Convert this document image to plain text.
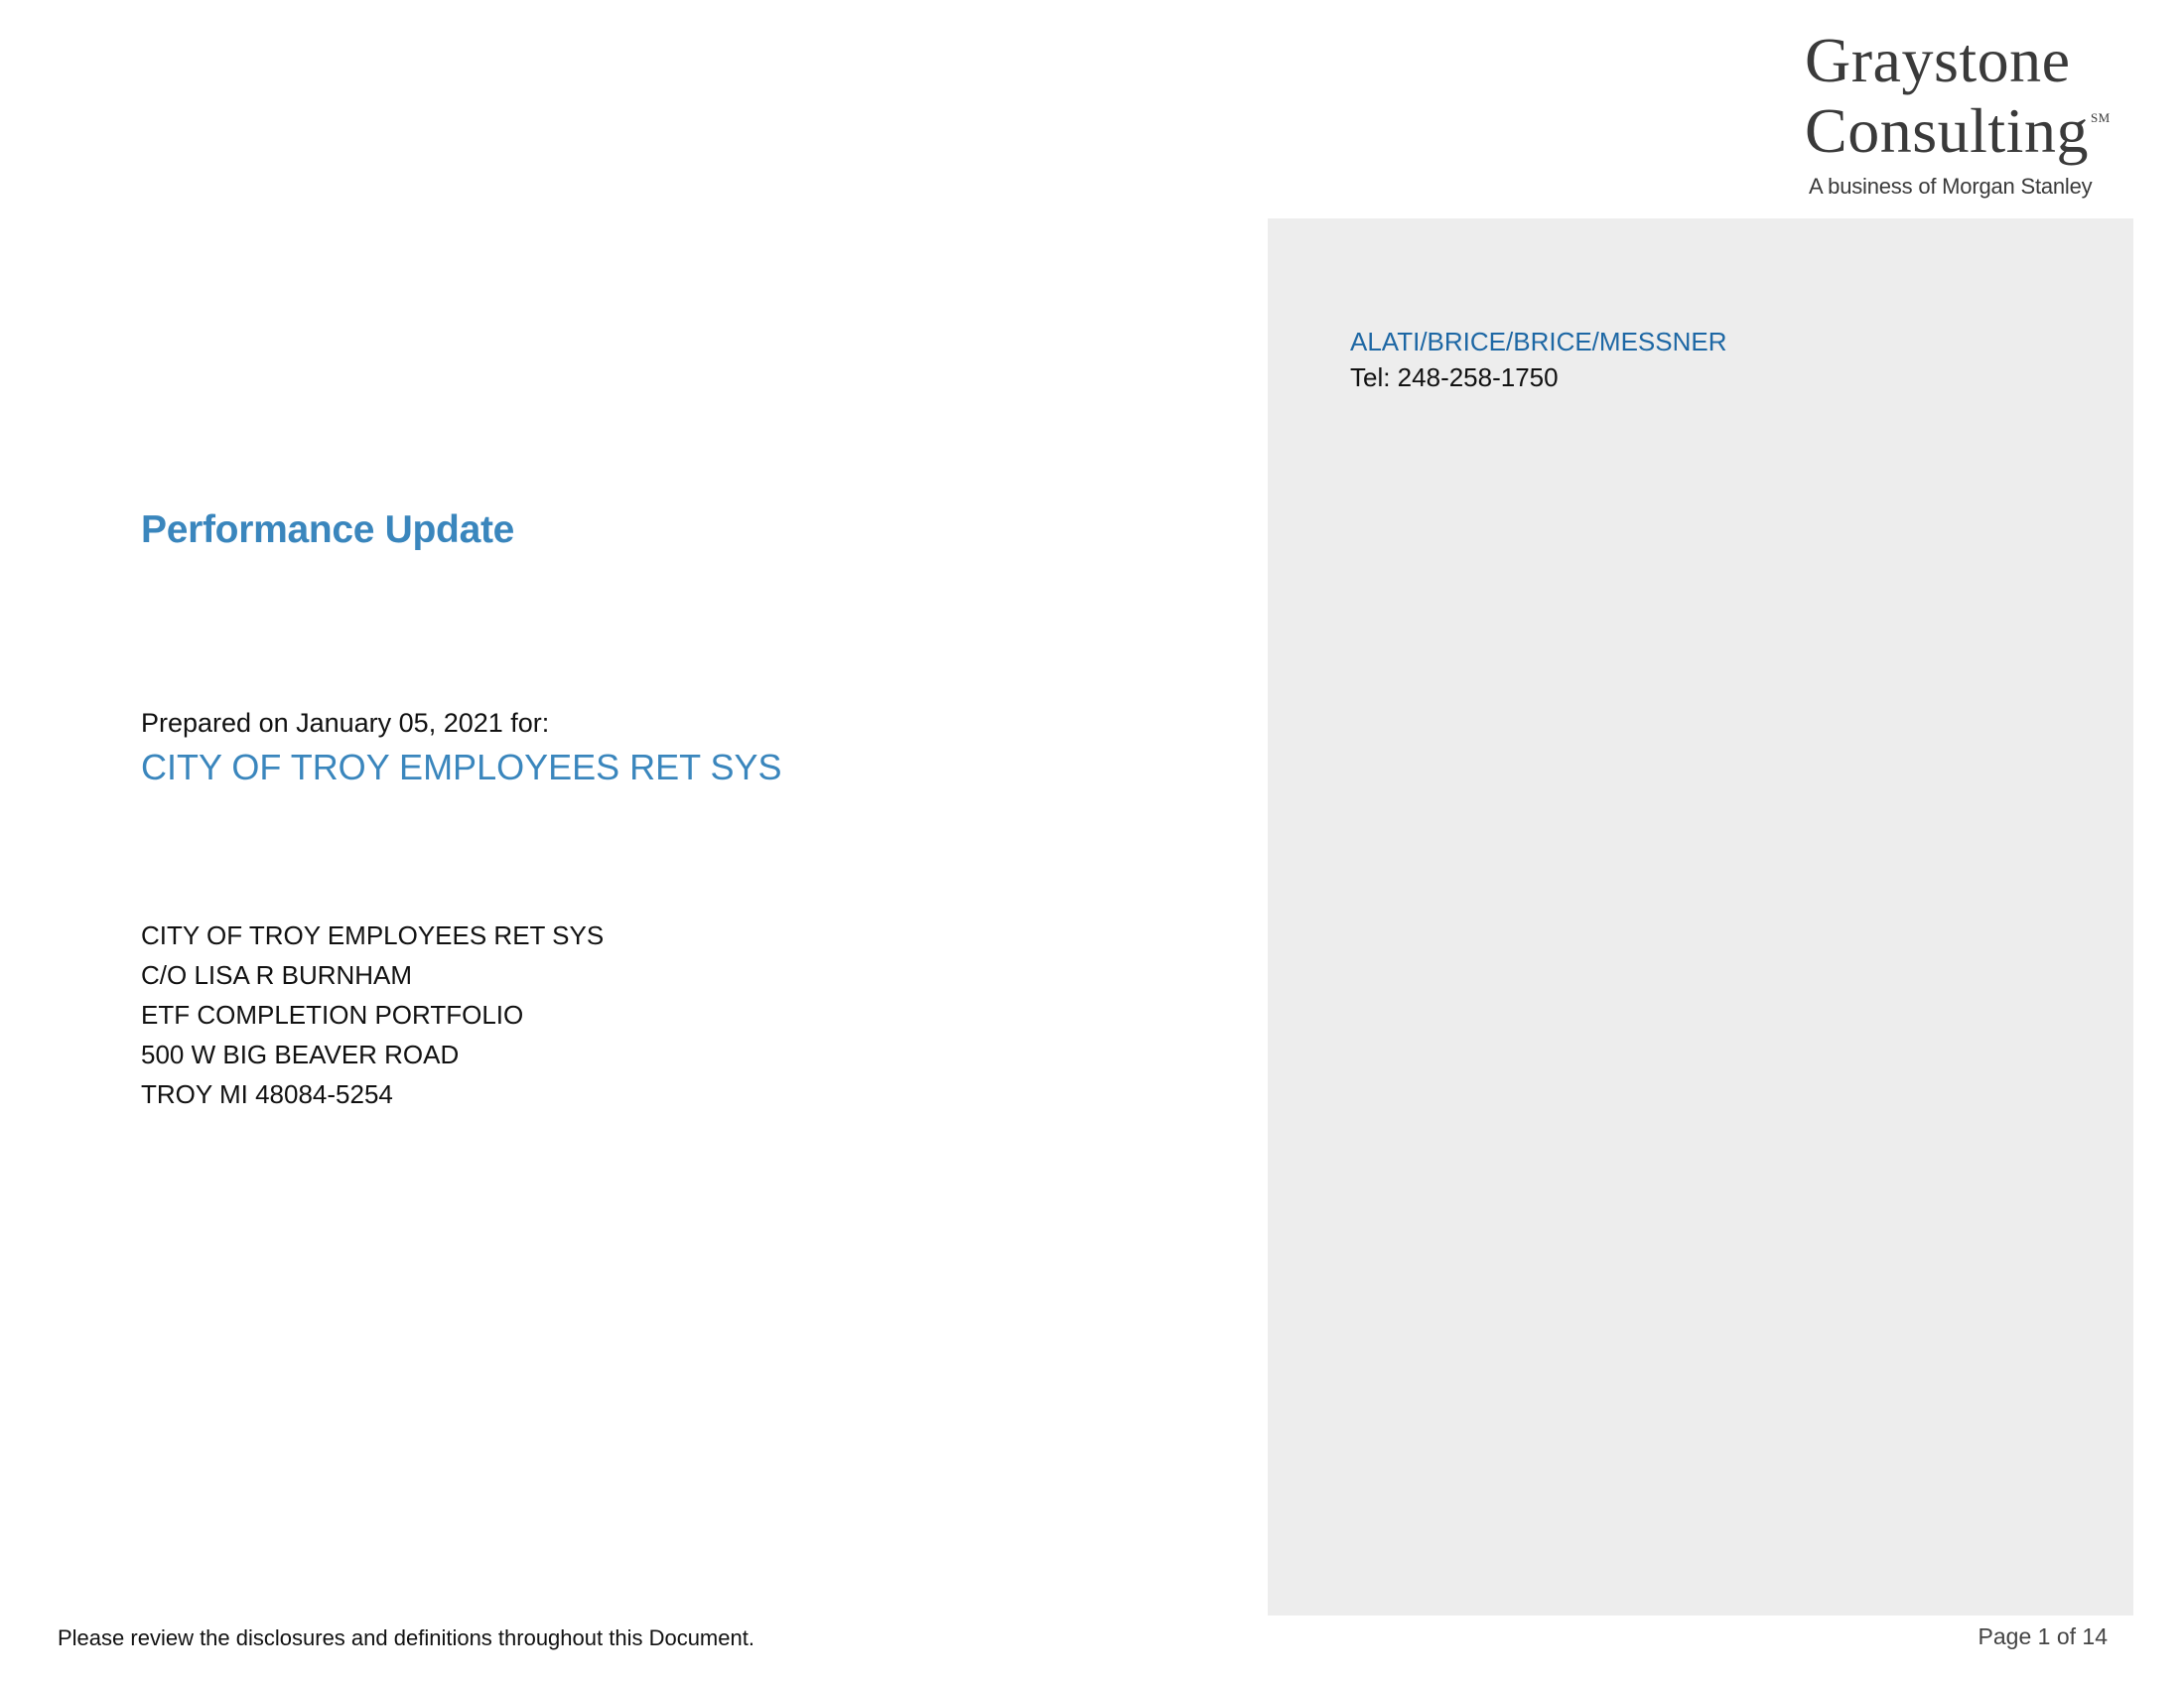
Graystone
Consulting ℠
A business of Morgan Stanley
ALATI/BRICE/BRICE/MESSNER
Tel: 248-258-1750
Performance Update
Prepared on January 05, 2021 for:
CITY OF TROY EMPLOYEES RET SYS
CITY OF TROY EMPLOYEES RET SYS
C/O LISA R BURNHAM
ETF COMPLETION PORTFOLIO
500 W BIG BEAVER ROAD
TROY MI 48084-5254
Please review the disclosures and definitions throughout this Document.	Page 1 of 14
